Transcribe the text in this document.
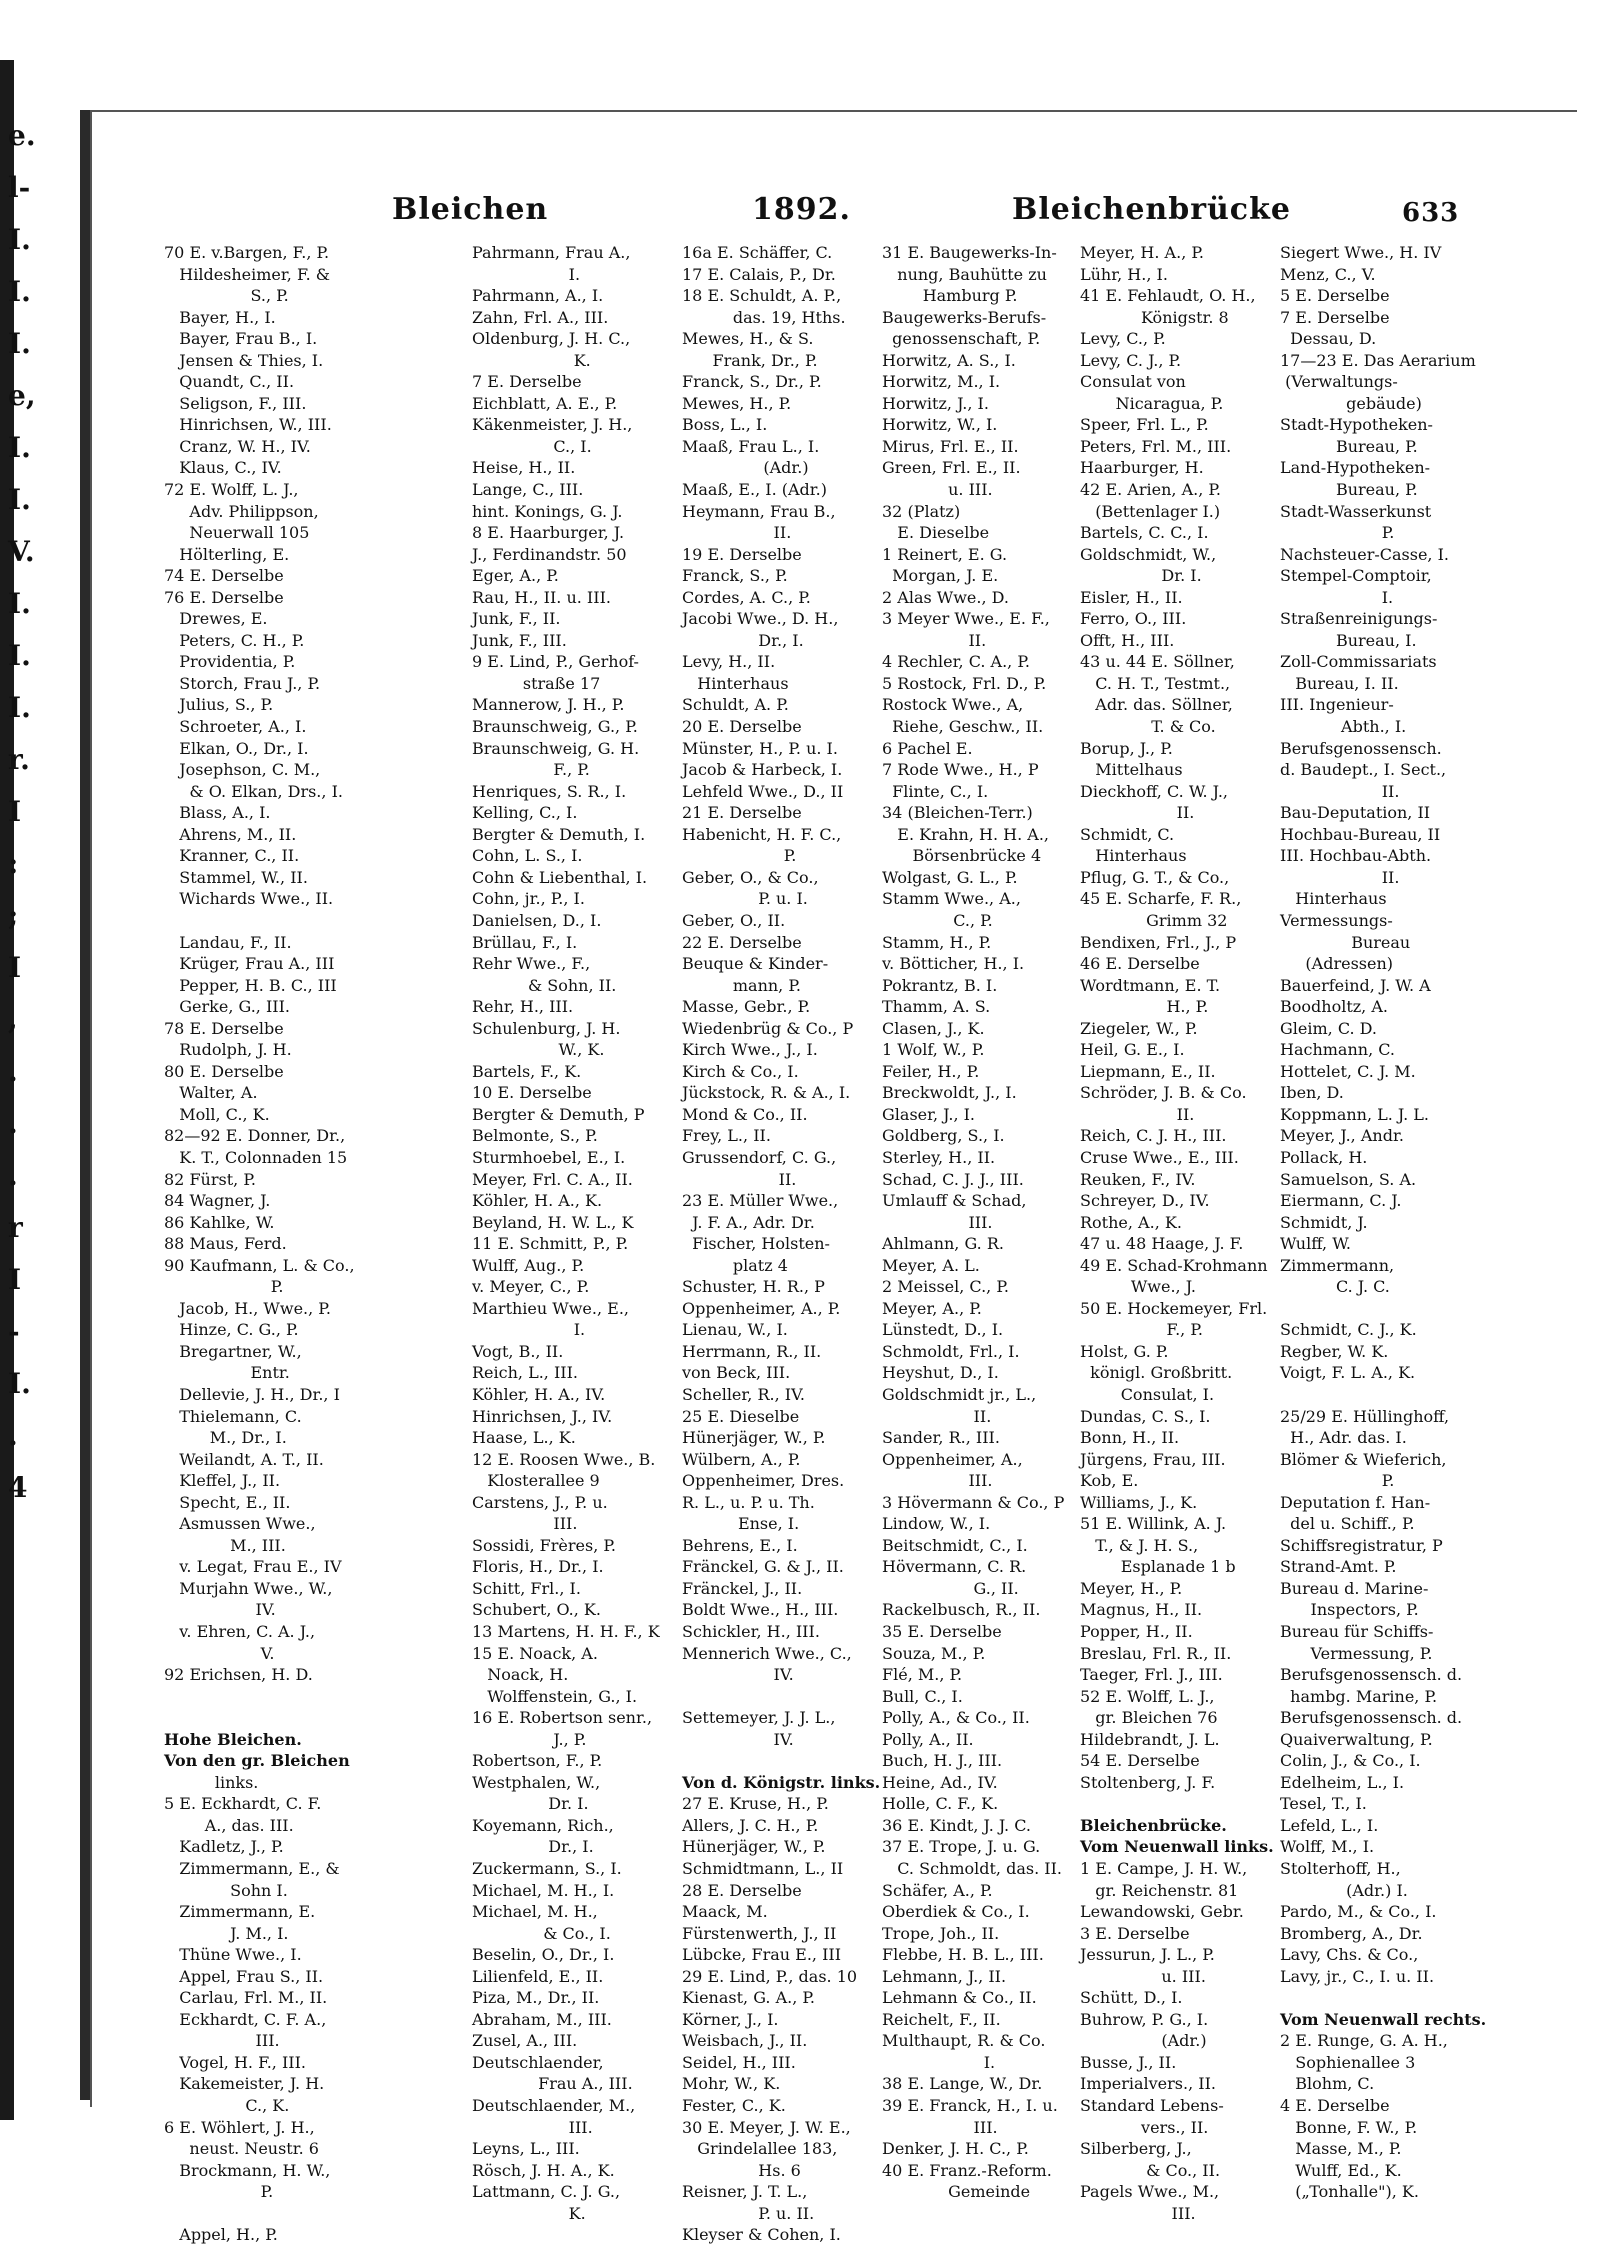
e.
l-
I.
I.
I.
e,
I.
I.
V.
I.
I.
I.
r.
I
:
;
I
,
.
.
.
r
I
-
I.
.
4
Bleichen	1892.	Bleichenbrücke	633
70 E. v.Bargen, F., P.
Hildesheimer, F. &
S., P.
Bayer, H., I.
Bayer, Frau B., I.
Jensen & Thies, I.
Quandt, C., II.
Seligson, F., III.
Hinrichsen, W., III.
Cranz, W. H., IV.
Klaus, C., IV.
72 E. Wolff, L. J.,
Adv. Philippson,
Neuerwall 105
Hölterling, E.
74 E. Derselbe
76 E. Derselbe
Drewes, E.
Peters, C. H., P.
Providentia, P.
Storch, Frau J., P.
Julius, S., P.
Schroeter, A., I.
Elkan, O., Dr., I.
Josephson, C. M.,
& O. Elkan, Drs., I.
Blass, A., I.
Ahrens, M., II.
Kranner, C., II.
Stammel, W., II.
Wichards Wwe., II.
Landau, F., II.
Krüger, Frau A., III
Pepper, H. B. C., III
Gerke, G., III.
78 E. Derselbe
Rudolph, J. H.
80 E. Derselbe
Walter, A.
Moll, C., K.
82—92 E. Donner, Dr.,
K. T., Colonnaden 15
82 Fürst, P.
84 Wagner, J.
86 Kahlke, W.
88 Maus, Ferd.
90 Kaufmann, L. & Co.,
P.
Jacob, H., Wwe., P.
Hinze, C. G., P.
Bregartner, W.,
Entr.
Dellevie, J. H., Dr., I
Thielemann, C.
M., Dr., I.
Weilandt, A. T., II.
Kleffel, J., II.
Specht, E., II.
Asmussen Wwe.,
M., III.
v. Legat, Frau E., IV
Murjahn Wwe., W.,
IV.
v. Ehren, C. A. J.,
V.
92 Erichsen, H. D.
Hohe Bleichen.
Von den gr. Bleichen
links.
5 E. Eckhardt, C. F.
A., das. III.
Kadletz, J., P.
Zimmermann, E., &
Sohn I.
Zimmermann, E.
J. M., I.
Thüne Wwe., I.
Appel, Frau S., II.
Carlau, Frl. M., II.
Eckhardt, C. F. A.,
III.
Vogel, H. F., III.
Kakemeister, J. H.
C., K.
6 E. Wöhlert, J. H.,
neust. Neustr. 6
Brockmann, H. W.,
P.
Appel, H., P.
Pahrmann, Frau A.,
I.
Pahrmann, A., I.
Zahn, Frl. A., III.
Oldenburg, J. H. C.,
K.
7 E. Derselbe
Eichblatt, A. E., P.
Käkenmeister, J. H.,
C., I.
Heise, H., II.
Lange, C., III.
hint. Konings, G. J.
8 E. Haarburger, J.
J., Ferdinandstr. 50
Eger, A., P.
Rau, H., II. u. III.
Junk, F., II.
Junk, F., III.
9 E. Lind, P., Gerhof-
straße 17
Mannerow, J. H., P.
Braunschweig, G., P.
Braunschweig, G. H.
F., P.
Henriques, S. R., I.
Kelling, C., I.
Bergter & Demuth, I.
Cohn, L. S., I.
Cohn & Liebenthal, I.
Cohn, jr., P., I.
Danielsen, D., I.
Brüllau, F., I.
Rehr Wwe., F.,
& Sohn, II.
Rehr, H., III.
Schulenburg, J. H.
W., K.
Bartels, F., K.
10 E. Derselbe
Bergter & Demuth, P
Belmonte, S., P.
Sturmhoebel, E., I.
Meyer, Frl. C. A., II.
Köhler, H. A., K.
Beyland, H. W. L., K
11 E. Schmitt, P., P.
Wulff, Aug., P.
v. Meyer, C., P.
Marthieu Wwe., E.,
I.
Vogt, B., II.
Reich, L., III.
Köhler, H. A., IV.
Hinrichsen, J., IV.
Haase, L., K.
12 E. Roosen Wwe., B.
Klosterallee 9
Carstens, J., P. u.
III.
Sossidi, Frères, P.
Floris, H., Dr., I.
Schitt, Frl., I.
Schubert, O., K.
13 Martens, H. H. F., K
15 E. Noack, A.
Noack, H.
Wolffenstein, G., I.
16 E. Robertson senr.,
J., P.
Robertson, F., P.
Westphalen, W.,
Dr. I.
Koyemann, Rich.,
Dr., I.
Zuckermann, S., I.
Michael, M. H., I.
Michael, M. H.,
& Co., I.
Beselin, O., Dr., I.
Lilienfeld, E., II.
Piza, M., Dr., II.
Abraham, M., III.
Zusel, A., III.
Deutschlaender,
Frau A., III.
Deutschlaender, M.,
III.
Leyns, L., III.
Rösch, J. H. A., K.
Lattmann, C. J. G.,
K.
16a E. Schäffer, C.
17 E. Calais, P., Dr.
18 E. Schuldt, A. P.,
das. 19, Hths.
Mewes, H., & S.
Frank, Dr., P.
Franck, S., Dr., P.
Mewes, H., P.
Boss, L., I.
Maaß, Frau L., I.
(Adr.)
Maaß, E., I. (Adr.)
Heymann, Frau B.,
II.
19 E. Derselbe
Franck, S., P.
Cordes, A. C., P.
Jacobi Wwe., D. H.,
Dr., I.
Levy, H., II.
Hinterhaus
Schuldt, A. P.
20 E. Derselbe
Münster, H., P. u. I.
Jacob & Harbeck, I.
Lehfeld Wwe., D., II
21 E. Derselbe
Habenicht, H. F. C.,
P.
Geber, O., & Co.,
P. u. I.
Geber, O., II.
22 E. Derselbe
Beuque & Kinder-
mann, P.
Masse, Gebr., P.
Wiedenbrüg & Co., P
Kirch Wwe., J., I.
Kirch & Co., I.
Jückstock, R. & A., I.
Mond & Co., II.
Frey, L., II.
Grussendorf, C. G.,
II.
23 E. Müller Wwe.,
J. F. A., Adr. Dr.
Fischer, Holsten-
platz 4
Schuster, H. R., P
Oppenheimer, A., P.
Lienau, W., I.
Herrmann, R., II.
von Beck, III.
Scheller, R., IV.
25 E. Dieselbe
Hünerjäger, W., P.
Wülbern, A., P.
Oppenheimer, Dres.
R. L., u. P. u. Th.
Ense, I.
Behrens, E., I.
Fränckel, G. & J., II.
Fränckel, J., II.
Boldt Wwe., H., III.
Schickler, H., III.
Mennerich Wwe., C.,
IV.
Settemeyer, J. J. L.,
IV.
Von d. Königstr. links.
27 E. Kruse, H., P.
Allers, J. C. H., P.
Hünerjäger, W., P.
Schmidtmann, L., II
28 E. Derselbe
Maack, M.
Fürstenwerth, J., II
Lübcke, Frau E., III
29 E. Lind, P., das. 10
Kienast, G. A., P.
Körner, J., I.
Weisbach, J., II.
Seidel, H., III.
Mohr, W., K.
Fester, C., K.
30 E. Meyer, J. W. E.,
Grindelallee 183,
Hs. 6
Reisner, J. T. L.,
P. u. II.
Kleyser & Cohen, I.
31 E. Baugewerks-In-
nung, Bauhütte zu
Hamburg P.
Baugewerks-Berufs-
genossenschaft, P.
Horwitz, A. S., I.
Horwitz, M., I.
Horwitz, J., I.
Horwitz, W., I.
Mirus, Frl. E., II.
Green, Frl. E., II.
u. III.
32 (Platz)
E. Dieselbe
1 Reinert, E. G.
Morgan, J. E.
2 Alas Wwe., D.
3 Meyer Wwe., E. F.,
II.
4 Rechler, C. A., P.
5 Rostock, Frl. D., P.
Rostock Wwe., A,
Riehe, Geschw., II.
6 Pachel E.
7 Rode Wwe., H., P
Flinte, C., I.
34 (Bleichen-Terr.)
E. Krahn, H. H. A.,
Börsenbrücke 4
Wolgast, G. L., P.
Stamm Wwe., A.,
C., P.
Stamm, H., P.
v. Bötticher, H., I.
Pokrantz, B. I.
Thamm, A. S.
Clasen, J., K.
1 Wolf, W., P.
Feiler, H., P.
Breckwoldt, J., I.
Glaser, J., I.
Goldberg, S., I.
Sterley, H., II.
Schad, C. J. J., III.
Umlauff & Schad,
III.
Ahlmann, G. R.
Meyer, A. L.
2 Meissel, C., P.
Meyer, A., P.
Lünstedt, D., I.
Schmoldt, Frl., I.
Heyshut, D., I.
Goldschmidt jr., L.,
II.
Sander, R., III.
Oppenheimer, A.,
III.
3 Hövermann & Co., P
Lindow, W., I.
Beitschmidt, C., I.
Hövermann, C. R.
G., II.
Rackelbusch, R., II.
35 E. Derselbe
Souza, M., P.
Flé, M., P.
Bull, C., I.
Polly, A., & Co., II.
Polly, A., II.
Buch, H. J., III.
Heine, Ad., IV.
Holle, C. F., K.
36 E. Kindt, J. J. C.
37 E. Trope, J. u. G.
C. Schmoldt, das. II.
Schäfer, A., P.
Oberdiek & Co., I.
Trope, Joh., II.
Flebbe, H. B. L., III.
Lehmann, J., II.
Lehmann & Co., II.
Reichelt, F., II.
Multhaupt, R. & Co.
I.
38 E. Lange, W., Dr.
39 E. Franck, H., I. u.
III.
Denker, J. H. C., P.
40 E. Franz.-Reform.
Gemeinde
Meyer, H. A., P.
Lühr, H., I.
41 E. Fehlaudt, O. H.,
Königstr. 8
Levy, C., P.
Levy, C. J., P.
Consulat von
Nicaragua, P.
Speer, Frl. L., P.
Peters, Frl. M., III.
Haarburger, H.
42 E. Arien, A., P.
(Bettenlager I.)
Bartels, C. C., I.
Goldschmidt, W.,
Dr. I.
Eisler, H., II.
Ferro, O., III.
Offt, H., III.
43 u. 44 E. Söllner,
C. H. T., Testmt.,
Adr. das. Söllner,
T. & Co.
Borup, J., P.
Mittelhaus
Dieckhoff, C. W. J.,
II.
Schmidt, C.
Hinterhaus
Pflug, G. T., & Co.,
45 E. Scharfe, F. R.,
Grimm 32
Bendixen, Frl., J., P
46 E. Derselbe
Wordtmann, E. T.
H., P.
Ziegeler, W., P.
Heil, G. E., I.
Liepmann, E., II.
Schröder, J. B. & Co.
II.
Reich, C. J. H., III.
Cruse Wwe., E., III.
Reuken, F., IV.
Schreyer, D., IV.
Rothe, A., K.
47 u. 48 Haage, J. F.
49 E. Schad-Krohmann
Wwe., J.
50 E. Hockemeyer, Frl.
F., P.
Holst, G. P.
königl. Großbritt.
Consulat, I.
Dundas, C. S., I.
Bonn, H., II.
Jürgens, Frau, III.
Kob, E.
Williams, J., K.
51 E. Willink, A. J.
T., & J. H. S.,
Esplanade 1 b
Meyer, H., P.
Magnus, H., II.
Popper, H., II.
Breslau, Frl. R., II.
Taeger, Frl. J., III.
52 E. Wolff, L. J.,
gr. Bleichen 76
Hildebrandt, J. L.
54 E. Derselbe
Stoltenberg, J. F.
Bleichenbrücke.
Vom Neuenwall links.
1 E. Campe, J. H. W.,
gr. Reichenstr. 81
Lewandowski, Gebr.
3 E. Derselbe
Jessurun, J. L., P.
u. III.
Schütt, D., I.
Buhrow, P. G., I.
(Adr.)
Busse, J., II.
Imperialvers., II.
Standard Lebens-
vers., II.
Silberberg, J.,
& Co., II.
Pagels Wwe., M.,
III.
Siegert Wwe., H. IV
Menz, C., V.
5 E. Derselbe
7 E. Derselbe
Dessau, D.
17—23 E. Das Aerarium
(Verwaltungs-
gebäude)
Stadt-Hypotheken-
Bureau, P.
Land-Hypotheken-
Bureau, P.
Stadt-Wasserkunst
P.
Nachsteuer-Casse, I.
Stempel-Comptoir,
I.
Straßenreinigungs-
Bureau, I.
Zoll-Commissariats
Bureau, I. II.
III. Ingenieur-
Abth., I.
Berufsgenossensch.
d. Baudept., I. Sect.,
II.
Bau-Deputation, II
Hochbau-Bureau, II
III. Hochbau-Abth.
II.
Hinterhaus
Vermessungs-
Bureau
(Adressen)
Bauerfeind, J. W. A
Boodholtz, A.
Gleim, C. D.
Hachmann, C.
Hottelet, C. J. M.
Iben, D.
Koppmann, L. J. L.
Meyer, J., Andr.
Pollack, H.
Samuelson, S. A.
Eiermann, C. J.
Schmidt, J.
Wulff, W.
Zimmermann,
C. J. C.
Schmidt, C. J., K.
Regber, W. K.
Voigt, F. L. A., K.
25/29 E. Hüllinghoff,
H., Adr. das. I.
Blömer & Wieferich,
P.
Deputation f. Han-
del u. Schiff., P.
Schiffsregistratur, P
Strand-Amt. P.
Bureau d. Marine-
Inspectors, P.
Bureau für Schiffs-
Vermessung, P.
Berufsgenossensch. d.
hambg. Marine, P.
Berufsgenossensch. d.
Quaiverwaltung, P.
Colin, J., & Co., I.
Edelheim, L., I.
Tesel, T., I.
Lefeld, L., I.
Wolff, M., I.
Stolterhoff, H.,
(Adr.) I.
Pardo, M., & Co., I.
Bromberg, A., Dr.
Lavy, Chs. & Co.,
Lavy, jr., C., I. u. II.
Vom Neuenwall rechts.
2 E. Runge, G. A. H.,
Sophienallee 3
Blohm, C.
4 E. Derselbe
Bonne, F. W., P.
Masse, M., P.
Wulff, Ed., K.
(„Tonhalle"), K.
